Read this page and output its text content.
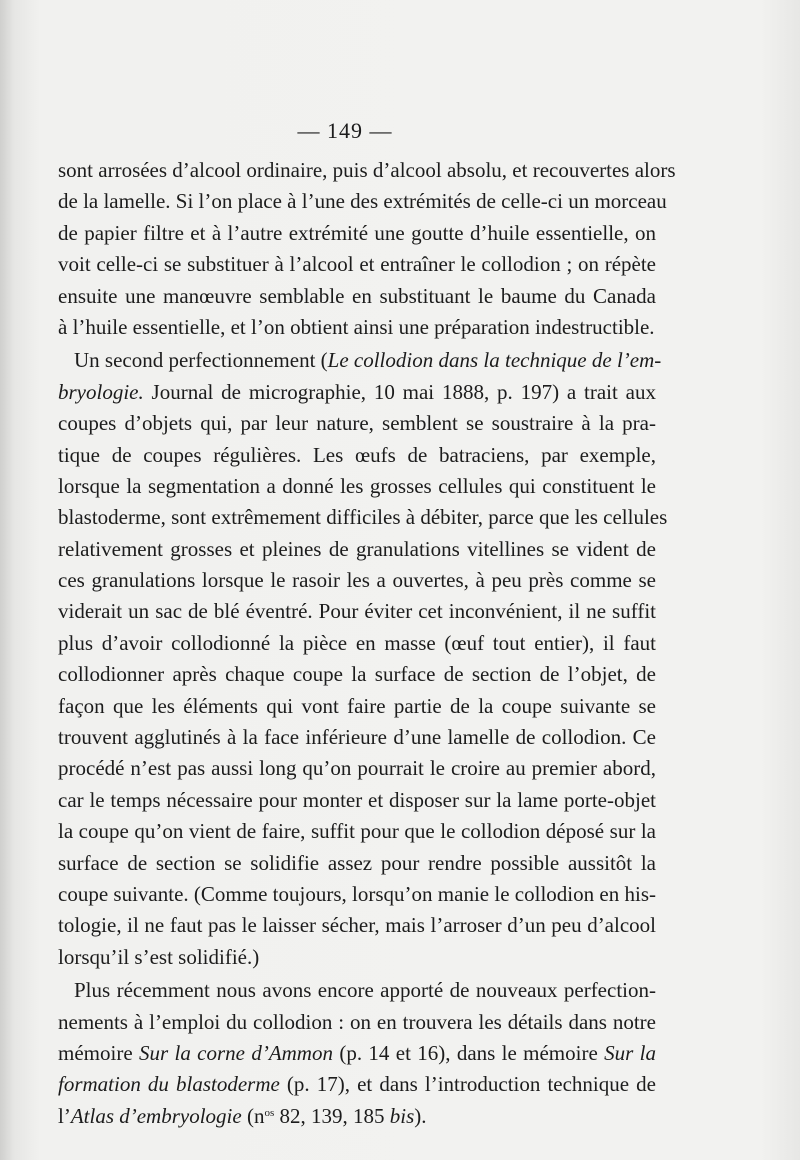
— 149 —
sont arrosées d’alcool ordinaire, puis d’alcool absolu, et recouvertes alors
de la lamelle. Si l’on place à l’une des extrémités de celle-ci un morceau
de papier filtre et à l’autre extrémité une goutte d’huile essentielle, on
voit celle-ci se substituer à l’alcool et entraîner le collodion ; on répète
ensuite une manœuvre semblable en substituant le baume du Canada
à l’huile essentielle, et l’on obtient ainsi une préparation indestructible.
Un second perfectionnement (Le collodion dans la technique de l’em-
bryologie. Journal de micrographie, 10 mai 1888, p. 197) a trait aux
coupes d’objets qui, par leur nature, semblent se soustraire à la pra-
tique de coupes régulières. Les œufs de batraciens, par exemple,
lorsque la segmentation a donné les grosses cellules qui constituent le
blastoderme, sont extrêmement difficiles à débiter, parce que les cellules
relativement grosses et pleines de granulations vitellines se vident de
ces granulations lorsque le rasoir les a ouvertes, à peu près comme se
viderait un sac de blé éventré. Pour éviter cet inconvénient, il ne suffit
plus d’avoir collodionné la pièce en masse (œuf tout entier), il faut
collodionner après chaque coupe la surface de section de l’objet, de
façon que les éléments qui vont faire partie de la coupe suivante se
trouvent agglutinés à la face inférieure d’une lamelle de collodion. Ce
procédé n’est pas aussi long qu’on pourrait le croire au premier abord,
car le temps nécessaire pour monter et disposer sur la lame porte-objet
la coupe qu’on vient de faire, suffit pour que le collodion déposé sur la
surface de section se solidifie assez pour rendre possible aussitôt la
coupe suivante. (Comme toujours, lorsqu’on manie le collodion en his-
tologie, il ne faut pas le laisser sécher, mais l’arroser d’un peu d’alcool
lorsqu’il s’est solidifié.)
Plus récemment nous avons encore apporté de nouveaux perfection-
nements à l’emploi du collodion : on en trouvera les détails dans notre
mémoire Sur la corne d’Ammon (p. 14 et 16), dans le mémoire Sur la
formation du blastoderme (p. 17), et dans l’introduction technique de
l’Atlas d’embryologie ($n^{os}$ 82, 139, 185 bis).
